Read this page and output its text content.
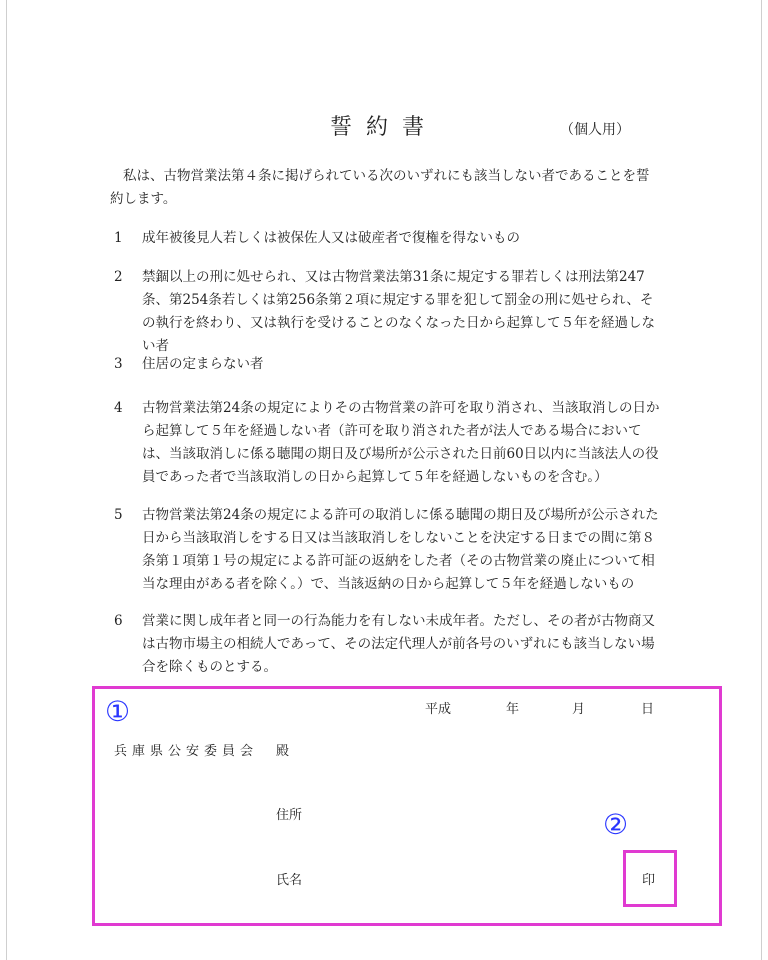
誓約書	（個人用）
私は、古物営業法第４条に掲げられている次のいずれにも該当しない者であることを誓約します。
1	成年被後見人若しくは被保佐人又は破産者で復権を得ないもの
2	禁錮以上の刑に処せられ、又は古物営業法第31条に規定する罪若しくは刑法第247条、第254条若しくは第256条第２項に規定する罪を犯して罰金の刑に処せられ、その執行を終わり、又は執行を受けることのなくなった日から起算して５年を経過しない者
3	住居の定まらない者
4	古物営業法第24条の規定によりその古物営業の許可を取り消され、当該取消しの日から起算して５年を経過しない者（許可を取り消された者が法人である場合においては、当該取消しに係る聴聞の期日及び場所が公示された日前60日以内に当該法人の役員であった者で当該取消しの日から起算して５年を経過しないものを含む。）
5	古物営業法第24条の規定による許可の取消しに係る聴聞の期日及び場所が公示された日から当該取消しをする日又は当該取消しをしないことを決定する日までの間に第８条第１項第１号の規定による許可証の返納をした者（その古物営業の廃止について相当な理由がある者を除く。）で、当該返納の日から起算して５年を経過しないもの
6	営業に関し成年者と同一の行為能力を有しない未成年者。ただし、その者が古物商又は古物市場主の相続人であって、その法定代理人が前各号のいずれにも該当しない場合を除くものとする。
①	平成	年	月	日
兵庫県公安委員会 殿
②
住所
氏名	印
